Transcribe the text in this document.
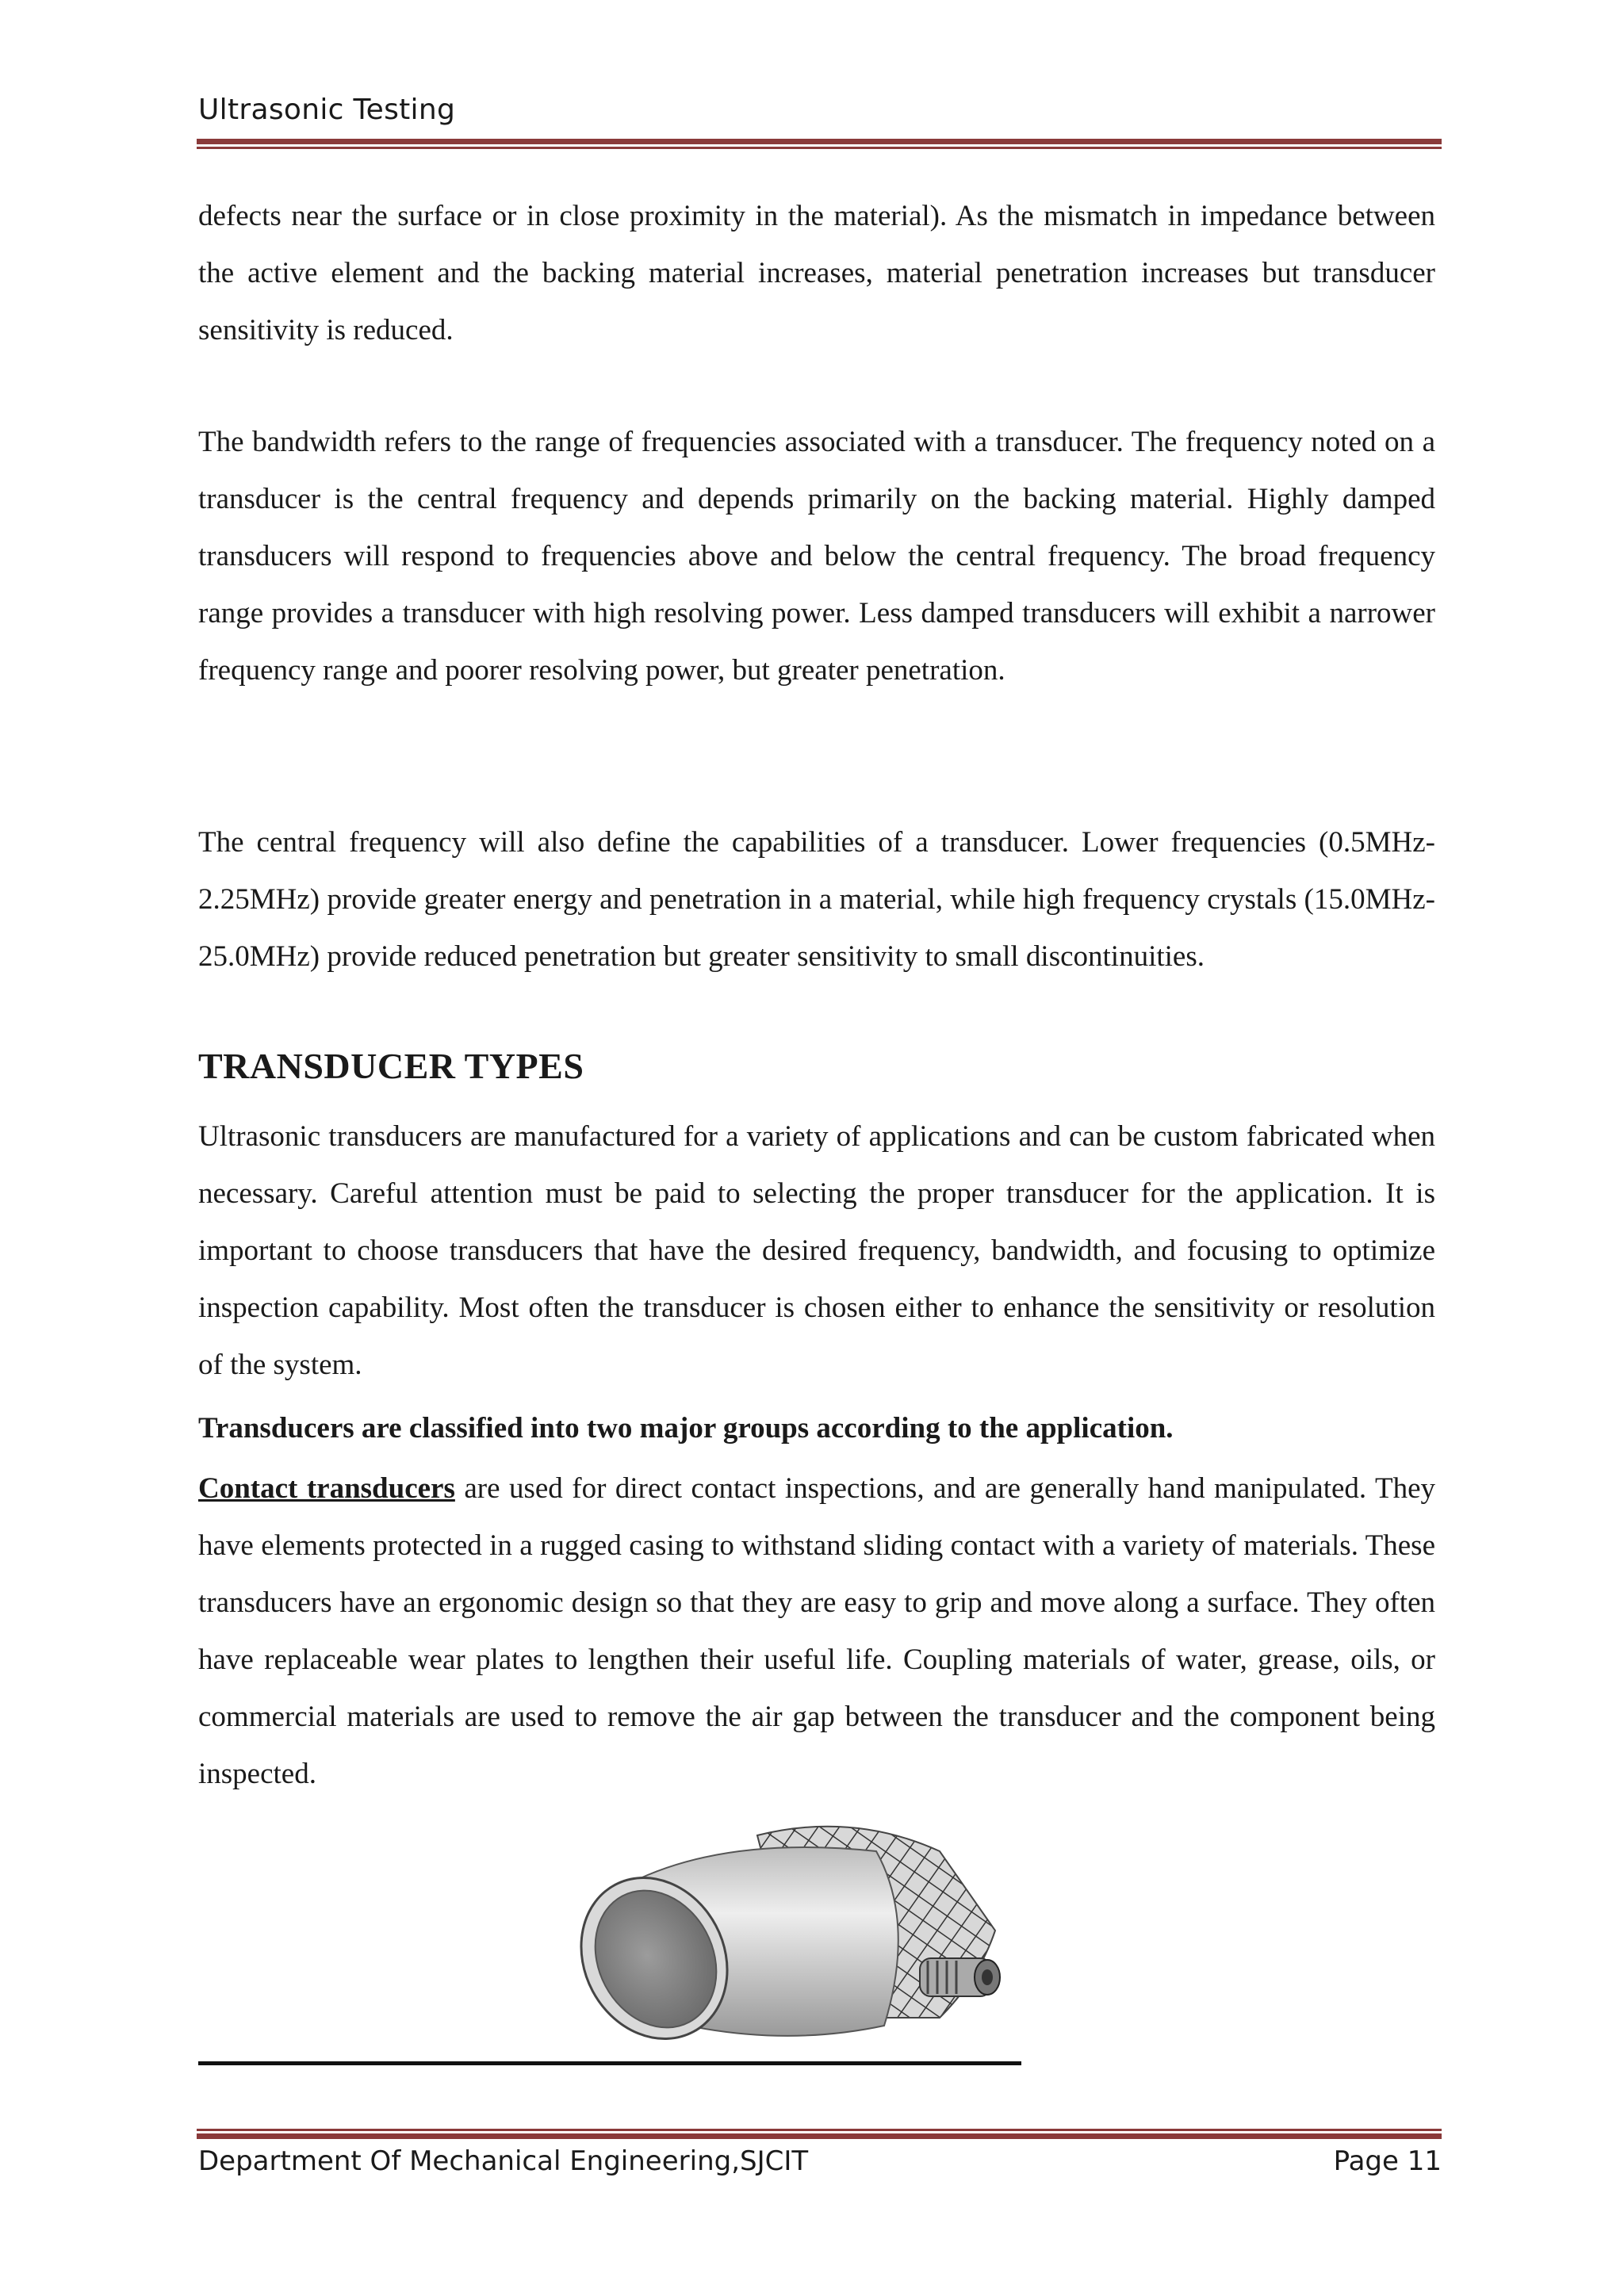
Ultrasonic Testing

defects near the surface or in close proximity in the material). As the mismatch in impedance between the active element and the backing material increases, material penetration increases but transducer sensitivity is reduced.

The bandwidth refers to the range of frequencies associated with a transducer. The frequency noted on a transducer is the central frequency and depends primarily on the backing material. Highly damped transducers will respond to frequencies above and below the central frequency. The broad frequency range provides a transducer with high resolving power. Less damped transducers will exhibit a narrower frequency range and poorer resolving power, but greater penetration.

The central frequency will also define the capabilities of a transducer. Lower frequencies (0.5MHz-2.25MHz) provide greater energy and penetration in a material, while high frequency crystals (15.0MHz-25.0MHz) provide reduced penetration but greater sensitivity to small discontinuities.

TRANSDUCER TYPES

Ultrasonic transducers are manufactured for a variety of applications and can be custom fabricated when necessary. Careful attention must be paid to selecting the proper transducer for the application. It is important to choose transducers that have the desired frequency, bandwidth, and focusing to optimize inspection capability. Most often the transducer is chosen either to enhance the sensitivity or resolution of the system.

Transducers are classified into two major groups according to the application.

Contact transducers are used for direct contact inspections, and are generally hand manipulated. They have elements protected in a rugged casing to withstand sliding contact with a variety of materials. These transducers have an ergonomic design so that they are easy to grip and move along a surface. They often have replaceable wear plates to lengthen their useful life. Coupling materials of water, grease, oils, or commercial materials are used to remove the air gap between the transducer and the component being inspected.

Department Of Mechanical Engineering,SJCIT	Page 11
